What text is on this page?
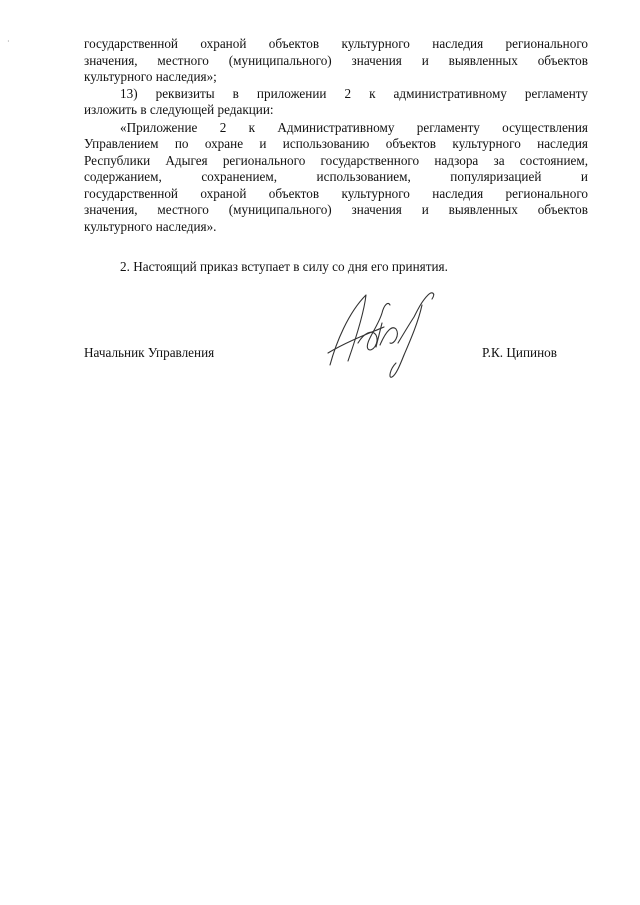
·	государственной охраной объектов культурного наследия регионального
значения, местного (муниципального) значения и выявленных объектов
культурного наследия»;
13) реквизиты в приложении 2 к административному регламенту
изложить в следующей редакции:
«Приложение 2 к Административному регламенту осуществления
Управлением по охране и использованию объектов культурного наследия
Республики Адыгея регионального государственного надзора за состоянием,
содержанием, сохранением, использованием, популяризацией и
государственной охраной объектов культурного наследия регионального
значения, местного (муниципального) значения и выявленных объектов
культурного наследия».
2. Настоящий приказ вступает в силу со дня его принятия.
Начальник Управления	Р.К. Ципинов
